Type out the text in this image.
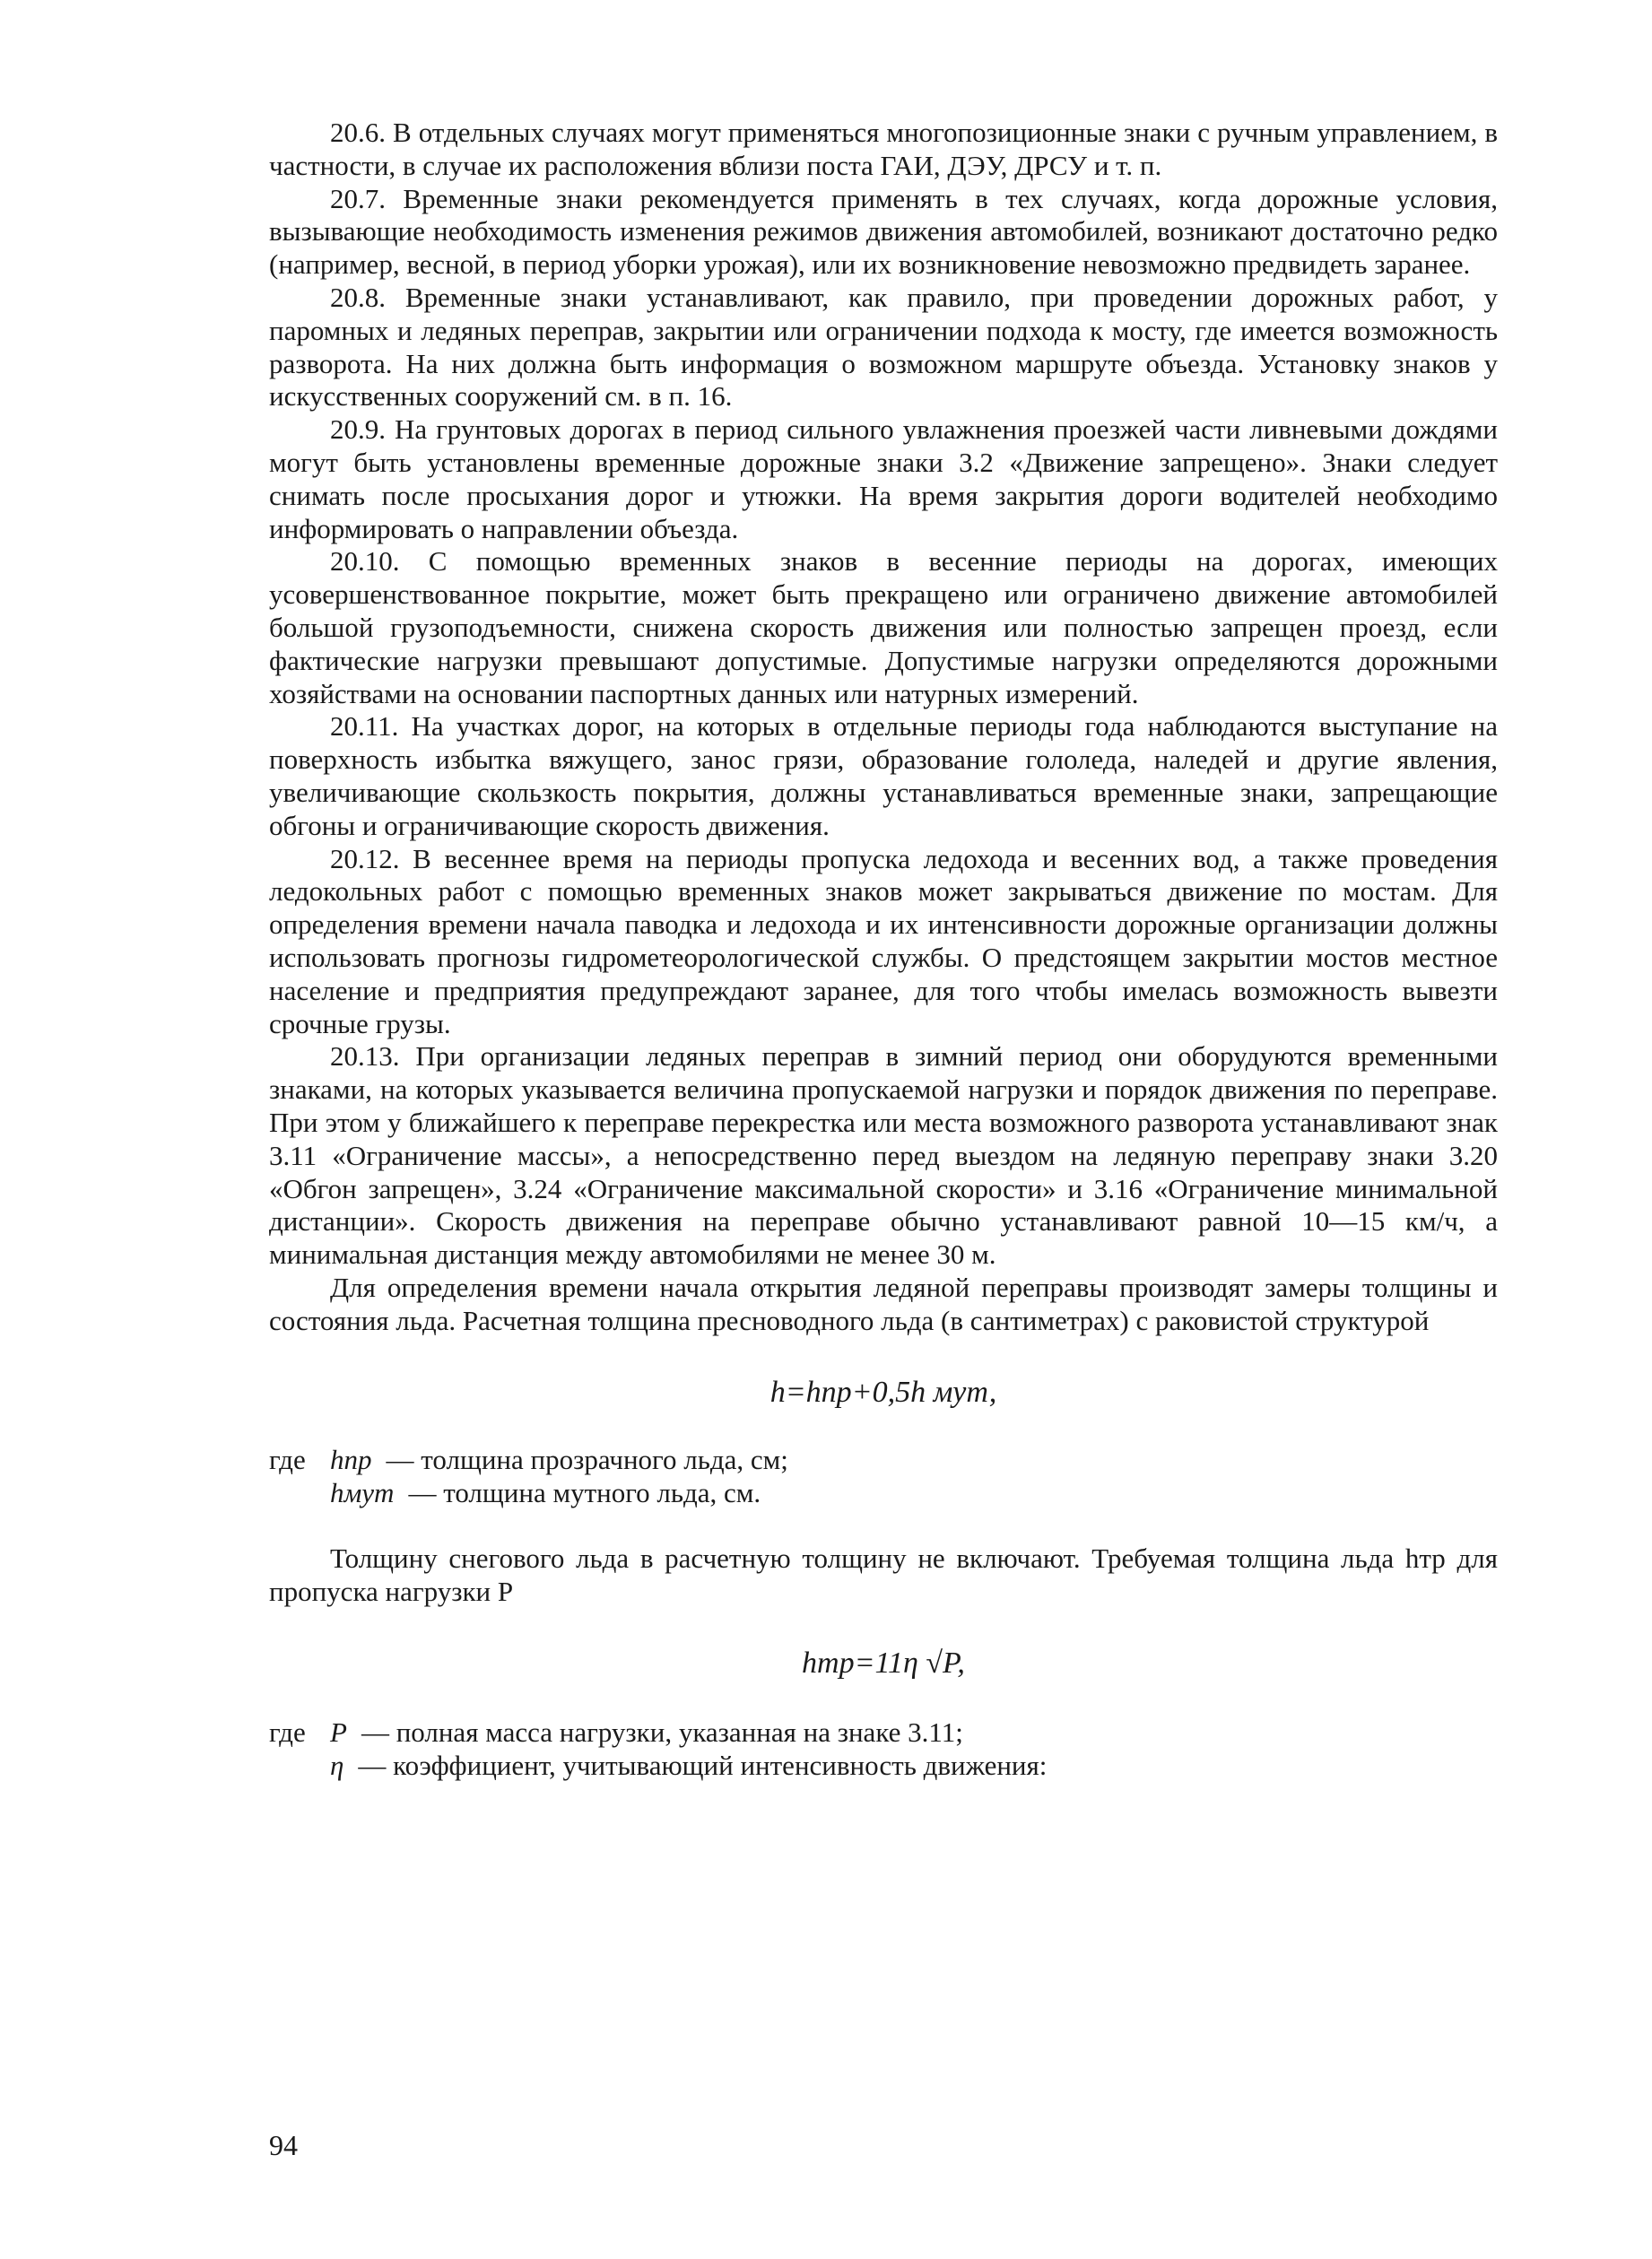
20.6. В отдельных случаях могут применяться многопозиционные знаки с ручным управлением, в частности, в случае их расположения вблизи поста ГАИ, ДЭУ, ДРСУ и т. п.

20.7. Временные знаки рекомендуется применять в тех случаях, когда дорожные условия, вызывающие необходимость изменения режимов движения автомобилей, возникают достаточно редко (например, весной, в период уборки урожая), или их возникновение невозможно предвидеть заранее.

20.8. Временные знаки устанавливают, как правило, при проведении дорожных работ, у паромных и ледяных переправ, закрытии или ограничении подхода к мосту, где имеется возможность разворота. На них должна быть информация о возможном маршруте объезда. Установку знаков у искусственных сооружений см. в п. 16.

20.9. На грунтовых дорогах в период сильного увлажнения проезжей части ливневыми дождями могут быть установлены временные дорожные знаки 3.2 «Движение запрещено». Знаки следует снимать после просыхания дорог и утюжки. На время закрытия дороги водителей необходимо информировать о направлении объезда.

20.10. С помощью временных знаков в весенние периоды на дорогах, имеющих усовершенствованное покрытие, может быть прекращено или ограничено движение автомобилей большой грузоподъемности, снижена скорость движения или полностью запрещен проезд, если фактические нагрузки превышают допустимые. Допустимые нагрузки определяются дорожными хозяйствами на основании паспортных данных или натурных измерений.

20.11. На участках дорог, на которых в отдельные периоды года наблюдаются выступание на поверхность избытка вяжущего, занос грязи, образование гололеда, наледей и другие явления, увеличивающие скользкость покрытия, должны устанавливаться временные знаки, запрещающие обгоны и ограничивающие скорость движения.

20.12. В весеннее время на периоды пропуска ледохода и весенних вод, а также проведения ледокольных работ с помощью временных знаков может закрываться движение по мостам. Для определения времени начала паводка и ледохода и их интенсивности дорожные организации должны использовать прогнозы гидрометеорологической службы. О предстоящем закрытии мостов местное население и предприятия предупреждают заранее, для того чтобы имелась возможность вывезти срочные грузы.

20.13. При организации ледяных переправ в зимний период они оборудуются временными знаками, на которых указывается величина пропускаемой нагрузки и порядок движения по переправе. При этом у ближайшего к переправе перекрестка или места возможного разворота устанавливают знак 3.11 «Ограничение массы», а непосредственно перед выездом на ледяную переправу знаки 3.20 «Обгон запрещен», 3.24 «Ограничение максимальной скорости» и 3.16 «Ограничение минимальной дистанции». Скорость движения на переправе обычно устанавливают равной 10—15 км/ч, а минимальная дистанция между автомобилями не менее 30 м.

Для определения времени начала открытия ледяной переправы производят замеры толщины и состояния льда. Расчетная толщина пресноводного льда (в сантиметрах) с раковистой структурой

h=hпр+0,5h мут,

где hпр — толщина прозрачного льда, см;
hмут — толщина мутного льда, см.

Толщину снегового льда в расчетную толщину не включают. Требуемая толщина льда hтр для пропуска нагрузки P

hтр=11η √P,

где P — полная масса нагрузки, указанная на знаке 3.11;
η — коэффициент, учитывающий интенсивность движения:
94
